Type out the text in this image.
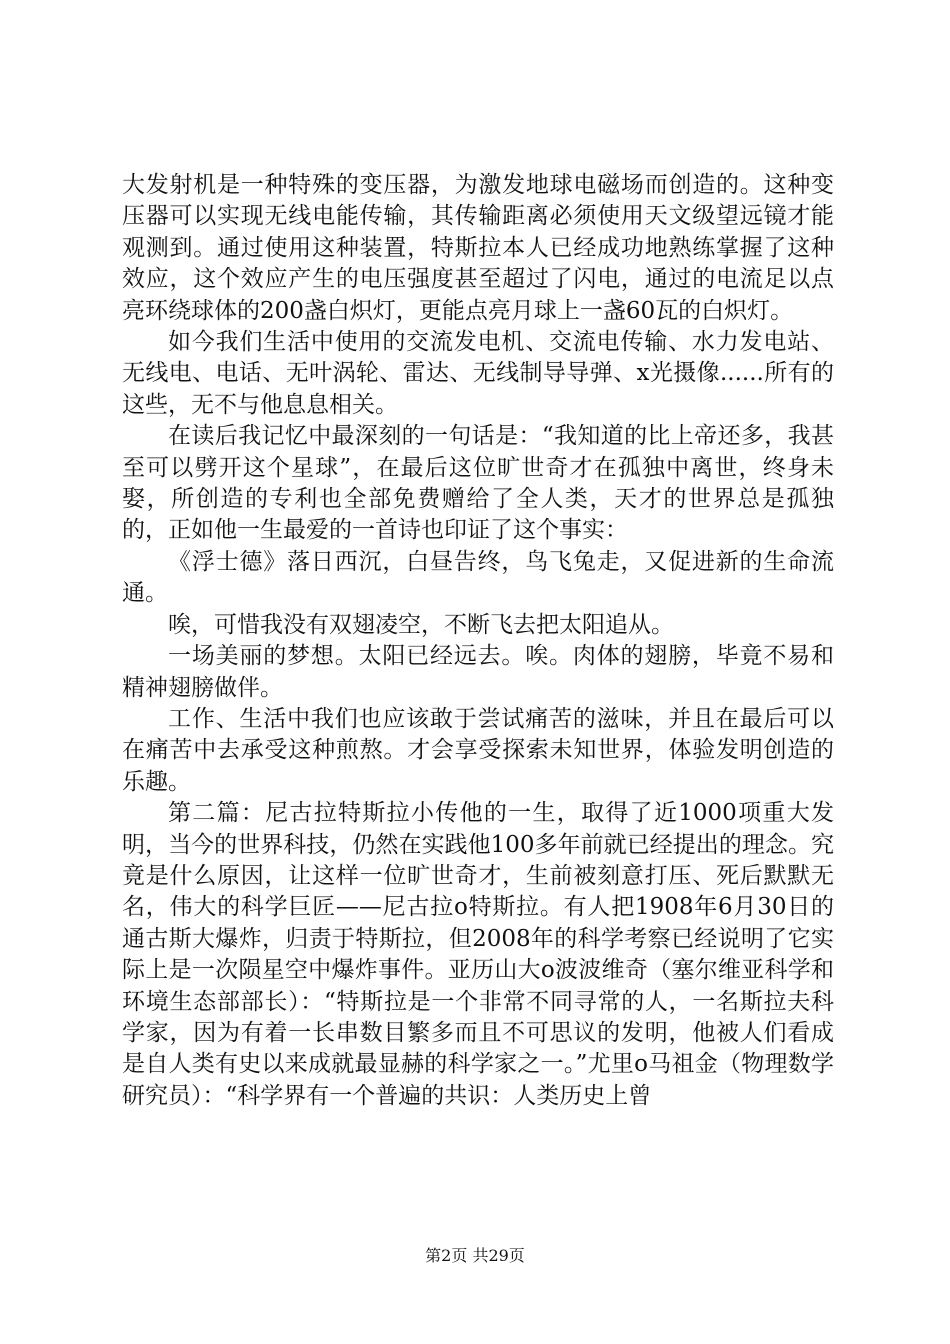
大发射机是一种特殊的变压器，为激发地球电磁场而创造的。这种变压器可以实现无线电能传输，其传输距离必须使用天文级望远镜才能观测到。通过使用这种装置，特斯拉本人已经成功地熟练掌握了这种效应，这个效应产生的电压强度甚至超过了闪电，通过的电流足以点亮环绕球体的200盏白炽灯，更能点亮月球上一盏60瓦的白炽灯。

如今我们生活中使用的交流发电机、交流电传输、水力发电站、无线电、电话、无叶涡轮、雷达、无线制导导弹、x光摄像......所有的这些，无不与他息息相关。

在读后我记忆中最深刻的一句话是：“我知道的比上帝还多，我甚至可以劈开这个星球”，在最后这位旷世奇才在孤独中离世，终身未娶，所创造的专利也全部免费赠给了全人类，天才的世界总是孤独的，正如他一生最爱的一首诗也印证了这个事实：

《浮士德》落日西沉，白昼告终，鸟飞兔走，又促进新的生命流通。

唉，可惜我没有双翅凌空，不断飞去把太阳追从。

一场美丽的梦想。太阳已经远去。唉。肉体的翅膀，毕竟不易和精神翅膀做伴。

工作、生活中我们也应该敢于尝试痛苦的滋味，并且在最后可以在痛苦中去承受这种煎熬。才会享受探索未知世界，体验发明创造的乐趣。

第二篇：尼古拉特斯拉小传他的一生，取得了近1000项重大发明，当今的世界科技，仍然在实践他100多年前就已经提出的理念。究竟是什么原因，让这样一位旷世奇才，生前被刻意打压、死后默默无名，伟大的科学巨匠——尼古拉o特斯拉。有人把1908年6月30日的通古斯大爆炸，归责于特斯拉，但2008年的科学考察已经说明了它实际上是一次陨星空中爆炸事件。亚历山大o波波维奇（塞尔维亚科学和环境生态部部长）：“特斯拉是一个非常不同寻常的人，一名斯拉夫科学家，因为有着一长串数目繁多而且不可思议的发明，他被人们看成是自人类有史以来成就最显赫的科学家之一。”尤里o马祖金（物理数学研究员）：“科学界有一个普遍的共识：人类历史上曾

第2页 共29页
